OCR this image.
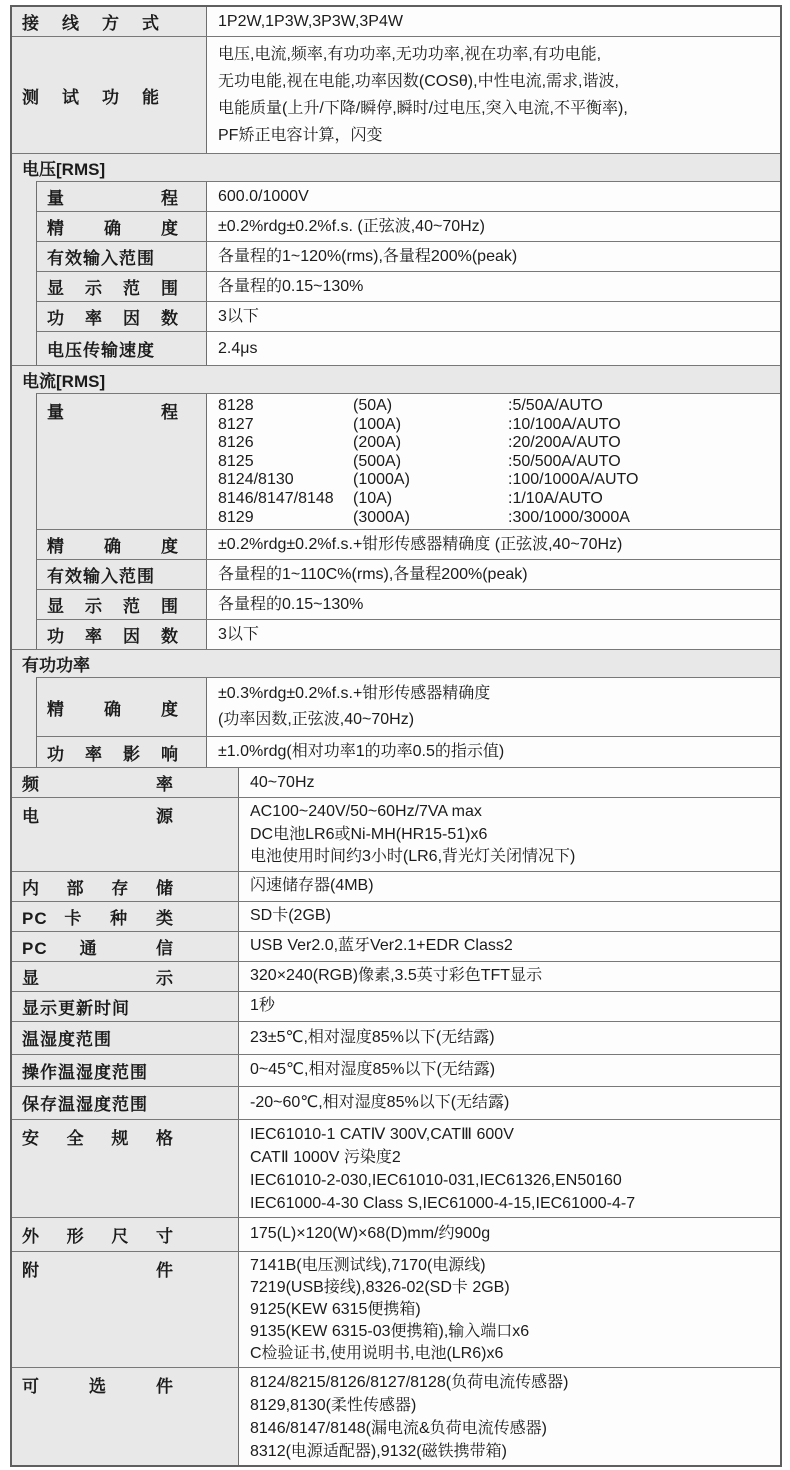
接 线 方 式	1P2W,1P3W,3P3W,3P4W
测 试 功 能
电压,电流,频率,有功功率,无功功率,视在功率,有功电能,
无功电能,视在电能,功率因数(COSθ),中性电流,需求,谐波,
电能质量(上升/下降/瞬停,瞬时/过电压,突入电流,不平衡率),
PF矫正电容计算，闪变
电压[RMS]
量 程 600.0/1000V
精 确 度 ±0.2%rdg±0.2%f.s. (正弦波,40~70Hz)
有效输入范围	各量程的1~120%(rms),各量程200%(peak)
显 示 范 围 各量程的0.15~130%
功 率 因 数 3以下
电压传输速度	2.4μs
电流[RMS]
量 程 8128	(50A)	:5/50A/AUTO
8127	(100A)	:10/100A/AUTO
8126	(200A)	:20/200A/AUTO
8125	(500A)	:50/500A/AUTO
8124/8130	(1000A)	:100/1000A/AUTO
8146/8147/8148	(10A)	:1/10A/AUTO
8129	(3000A)	:300/1000/3000A
精 确 度 ±0.2%rdg±0.2%f.s.+钳形传感器精确度 (正弦波,40~70Hz)
有效输入范围	各量程的1~110C%(rms),各量程200%(peak)
显 示 范 围 各量程的0.15~130%
功 率 因 数 3以下
有功功率
精 确 度
±0.3%rdg±0.2%f.s.+钳形传感器精确度
(功率因数,正弦波,40~70Hz)
功 率 影 响 ±1.0%rdg(相对功率1的功率0.5的指示值)
频 率	40~70Hz
电 源	AC100~240V/50~60Hz/7VA max
DC电池LR6或Ni-MH(HR15-51)x6
电池使用时间约3小时(LR6,背光灯关闭情况下)
内 部 存 储	闪速储存器(4MB)
PC 卡 种 类	SD卡(2GB)
PC 通 信	USB Ver2.0,蓝牙Ver2.1+EDR Class2
显 示	320×240(RGB)像素,3.5英寸彩色TFT显示
显示更新时间	1秒
温湿度范围	23±5℃,相对湿度85%以下(无结露)
操作温湿度范围	0~45℃,相对湿度85%以下(无结露)
保存温湿度范围	-20~60℃,相对湿度85%以下(无结露)
安 全 规 格	IEC61010-1 CATⅣ 300V,CATⅢ 600V
CATⅡ 1000V 污染度2
IEC61010-2-030,IEC61010-031,IEC61326,EN50160
IEC61000-4-30 Class S,IEC61000-4-15,IEC61000-4-7
外 形 尺 寸	175(L)×120(W)×68(D)mm/约900g
附 件	7141B(电压测试线),7170(电源线)
7219(USB接线),8326-02(SD卡 2GB)
9125(KEW 6315便携箱)
9135(KEW 6315-03便携箱),输入端口x6
C检验证书,使用说明书,电池(LR6)x6
可 选 件	8124/8215/8126/8127/8128(负荷电流传感器)
8129,8130(柔性传感器)
8146/8147/8148(漏电流&负荷电流传感器)
8312(电源适配器),9132(磁铁携带箱)
